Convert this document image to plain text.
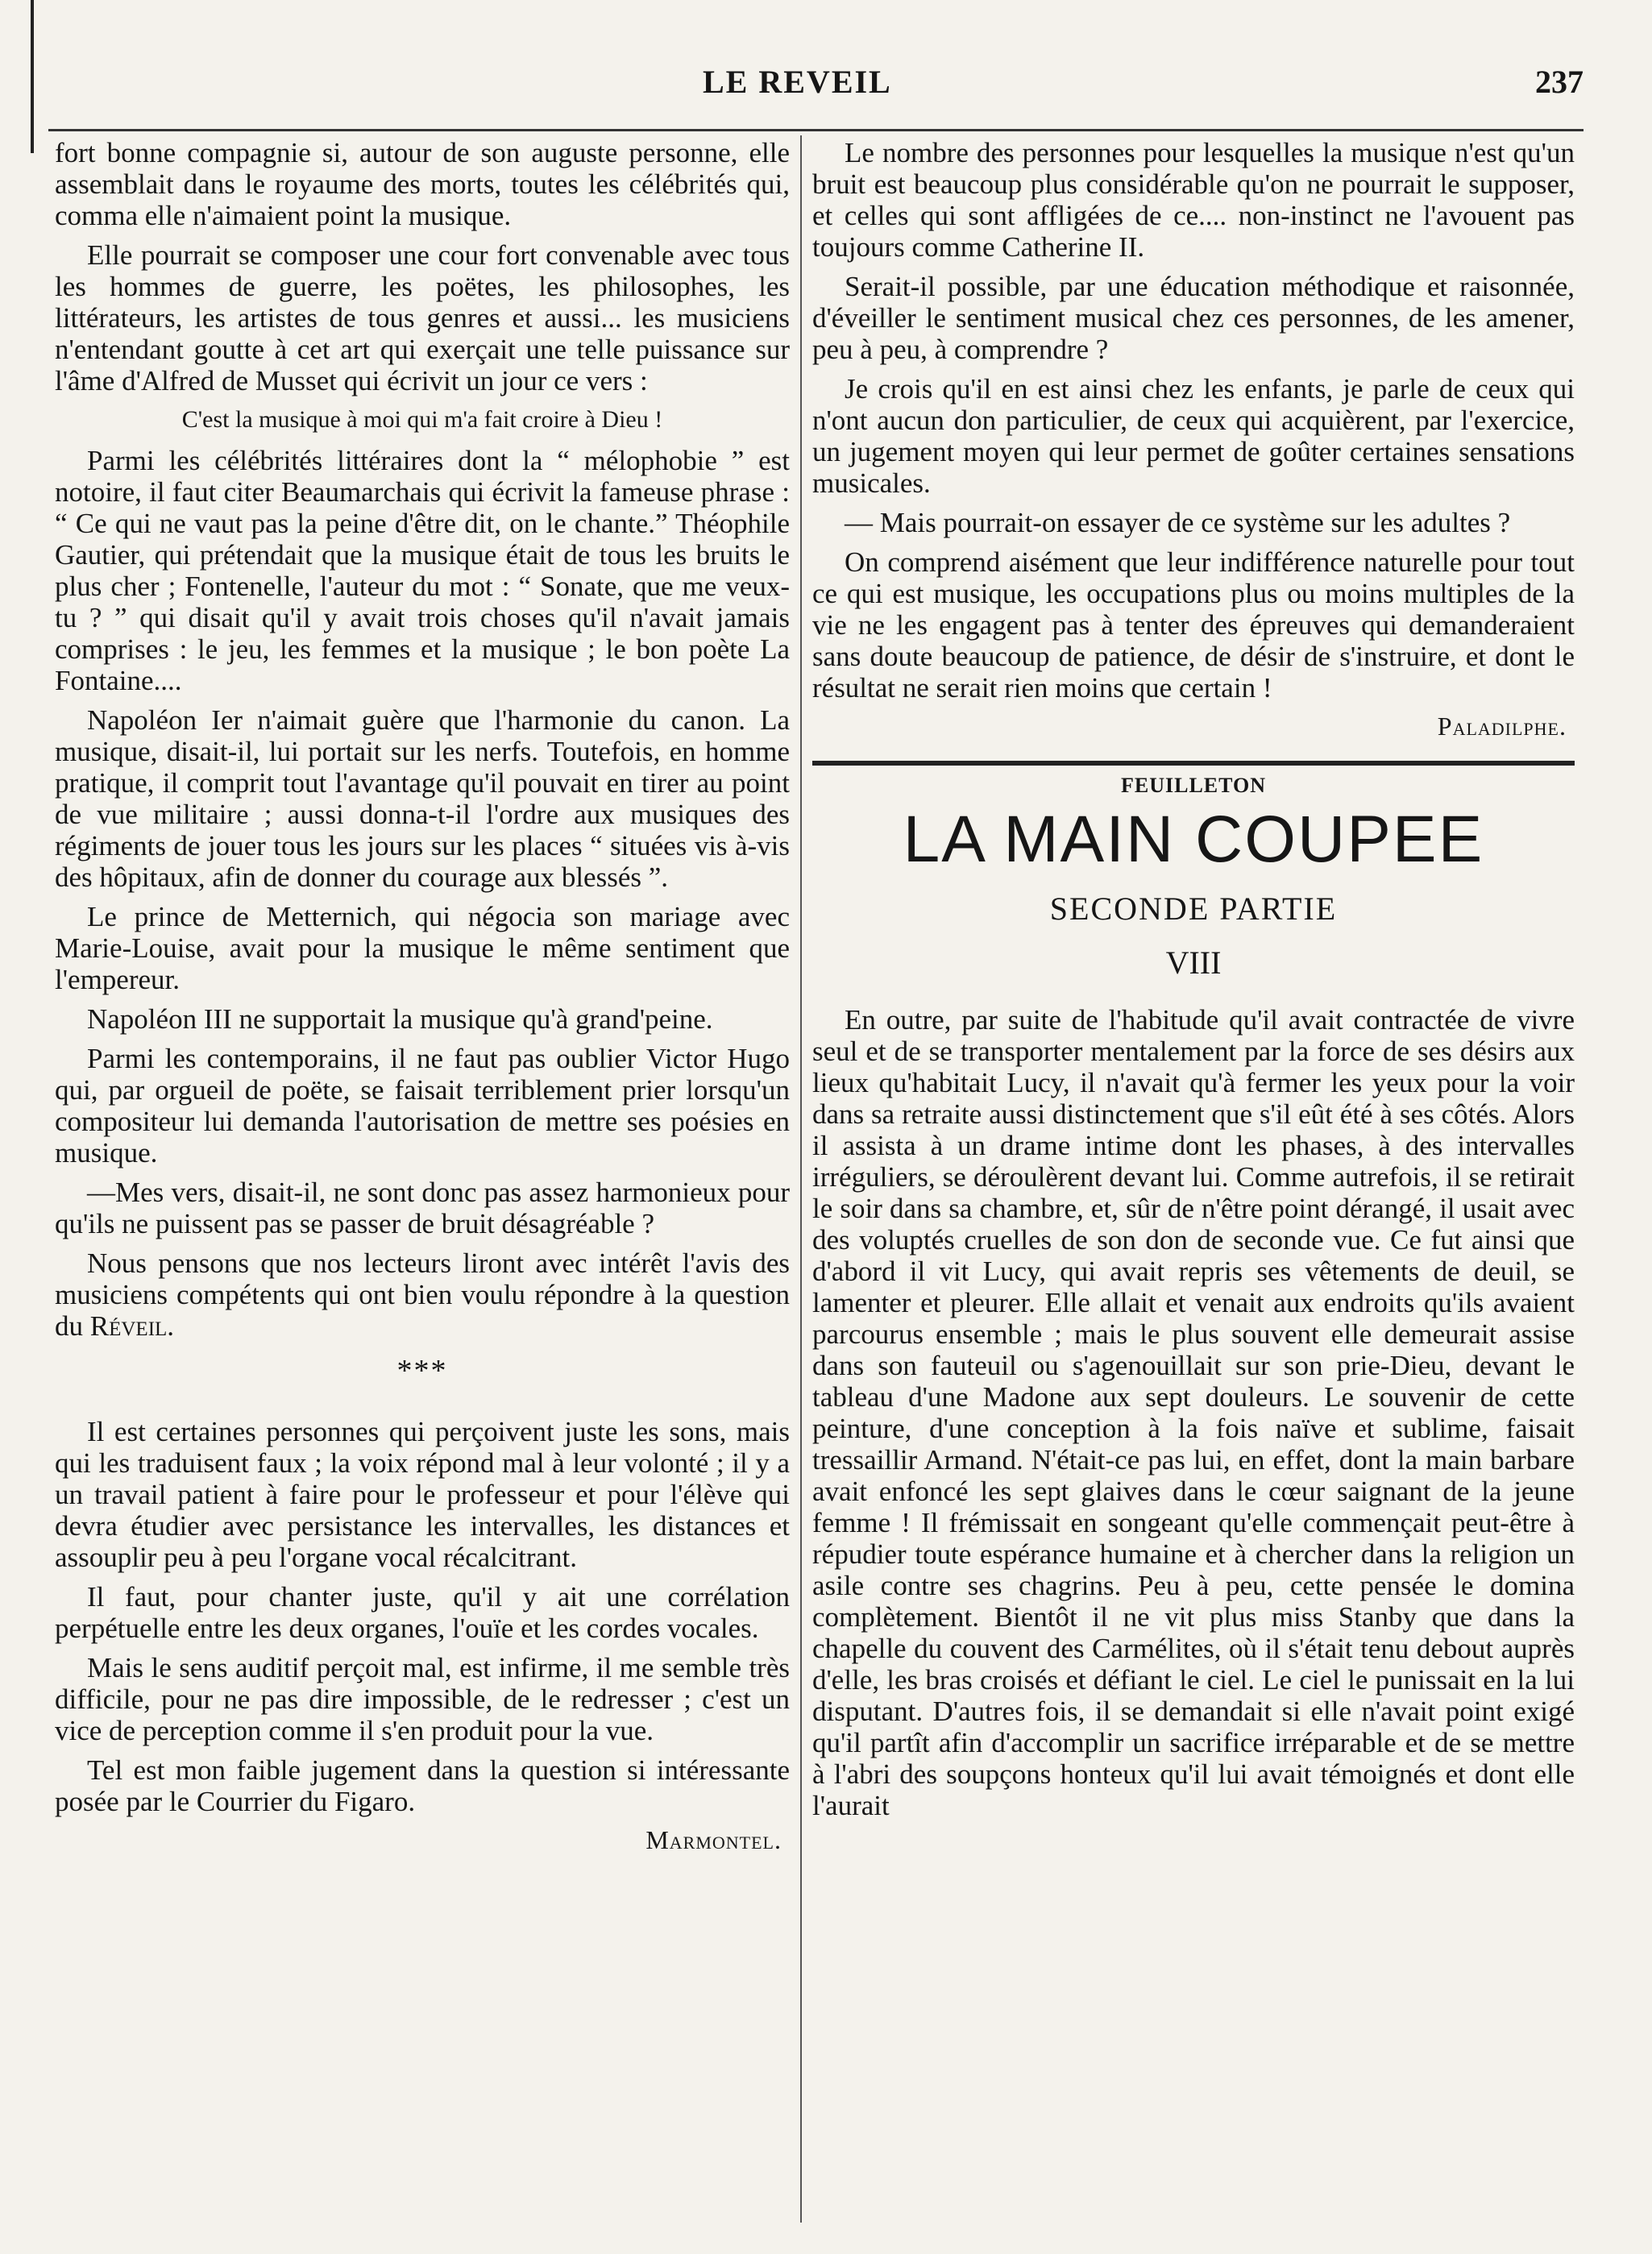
LE REVEIL	237

fort bonne compagnie si, autour de son auguste personne, elle assemblait dans le royaume des morts, toutes les célébrités qui, comma elle n'aimaient point la musique.

Elle pourrait se composer une cour fort convenable avec tous les hommes de guerre, les poëtes, les philosophes, les littérateurs, les artistes de tous genres et aussi... les musiciens n'entendant goutte à cet art qui exerçait une telle puissance sur l'âme d'Alfred de Musset qui écrivit un jour ce vers :

C'est la musique à moi qui m'a fait croire à Dieu !

Parmi les célébrités littéraires dont la “ mélophobie ” est notoire, il faut citer Beaumarchais qui écrivit la fameuse phrase : “ Ce qui ne vaut pas la peine d'être dit, on le chante.” Théophile Gautier, qui prétendait que la musique était de tous les bruits le plus cher ; Fontenelle, l'auteur du mot : “ Sonate, que me veux-tu ? ” qui disait qu'il y avait trois choses qu'il n'avait jamais comprises : le jeu, les femmes et la musique ; le bon poète La Fontaine....

Napoléon Ier n'aimait guère que l'harmonie du canon. La musique, disait-il, lui portait sur les nerfs. Toutefois, en homme pratique, il comprit tout l'avantage qu'il pouvait en tirer au point de vue militaire ; aussi donna-t-il l'ordre aux musiques des régiments de jouer tous les jours sur les places “ situées vis à-vis des hôpitaux, afin de donner du courage aux blessés ”.

Le prince de Metternich, qui négocia son mariage avec Marie-Louise, avait pour la musique le même sentiment que l'empereur.

Napoléon III ne supportait la musique qu'à grand'peine.

Parmi les contemporains, il ne faut pas oublier Victor Hugo qui, par orgueil de poëte, se faisait terriblement prier lorsqu'un compositeur lui demanda l'autorisation de mettre ses poésies en musique.

—Mes vers, disait-il, ne sont donc pas assez harmonieux pour qu'ils ne puissent pas se passer de bruit désagréable ?

Nous pensons que nos lecteurs liront avec intérêt l'avis des musiciens compétents qui ont bien voulu répondre à la question du Réveil.

***

Il est certaines personnes qui perçoivent juste les sons, mais qui les traduisent faux ; la voix répond mal à leur volonté ; il y a un travail patient à faire pour le professeur et pour l'élève qui devra étudier avec persistance les intervalles, les distances et assouplir peu à peu l'organe vocal récalcitrant.

Il faut, pour chanter juste, qu'il y ait une corrélation perpétuelle entre les deux organes, l'ouïe et les cordes vocales.

Mais le sens auditif perçoit mal, est infirme, il me semble très difficile, pour ne pas dire impossible, de le redresser ; c'est un vice de perception comme il s'en produit pour la vue.

Tel est mon faible jugement dans la question si intéressante posée par le Courrier du Figaro.

Marmontel.

Le nombre des personnes pour lesquelles la musique n'est qu'un bruit est beaucoup plus considérable qu'on ne pourrait le supposer, et celles qui sont affligées de ce.... non-instinct ne l'avouent pas toujours comme Catherine II.

Serait-il possible, par une éducation méthodique et raisonnée, d'éveiller le sentiment musical chez ces personnes, de les amener, peu à peu, à comprendre ?

Je crois qu'il en est ainsi chez les enfants, je parle de ceux qui n'ont aucun don particulier, de ceux qui acquièrent, par l'exercice, un jugement moyen qui leur permet de goûter certaines sensations musicales.

— Mais pourrait-on essayer de ce système sur les adultes ?

On comprend aisément que leur indifférence naturelle pour tout ce qui est musique, les occupations plus ou moins multiples de la vie ne les engagent pas à tenter des épreuves qui demanderaient sans doute beaucoup de patience, de désir de s'instruire, et dont le résultat ne serait rien moins que certain !

Paladilphe.
FEUILLETON
LA MAIN COUPEE
SECONDE PARTIE
VIII

En outre, par suite de l'habitude qu'il avait contractée de vivre seul et de se transporter mentalement par la force de ses désirs aux lieux qu'habitait Lucy, il n'avait qu'à fermer les yeux pour la voir dans sa retraite aussi distinctement que s'il eût été à ses côtés. Alors il assista à un drame intime dont les phases, à des intervalles irréguliers, se déroulèrent devant lui. Comme autrefois, il se retirait le soir dans sa chambre, et, sûr de n'être point dérangé, il usait avec des voluptés cruelles de son don de seconde vue. Ce fut ainsi que d'abord il vit Lucy, qui avait repris ses vêtements de deuil, se lamenter et pleurer. Elle allait et venait aux endroits qu'ils avaient parcourus ensemble ; mais le plus souvent elle demeurait assise dans son fauteuil ou s'agenouillait sur son prie-Dieu, devant le tableau d'une Madone aux sept douleurs. Le souvenir de cette peinture, d'une conception à la fois naïve et sublime, faisait tressaillir Armand. N'était-ce pas lui, en effet, dont la main barbare avait enfoncé les sept glaives dans le cœur saignant de la jeune femme ! Il frémissait en songeant qu'elle commençait peut-être à répudier toute espérance humaine et à chercher dans la religion un asile contre ses chagrins. Peu à peu, cette pensée le domina complètement. Bientôt il ne vit plus miss Stanby que dans la chapelle du couvent des Carmélites, où il s'était tenu debout auprès d'elle, les bras croisés et défiant le ciel. Le ciel le punissait en la lui disputant. D'autres fois, il se demandait si elle n'avait point exigé qu'il partît afin d'accomplir un sacrifice irréparable et de se mettre à l'abri des soupçons honteux qu'il lui avait témoignés et dont elle l'aurait
